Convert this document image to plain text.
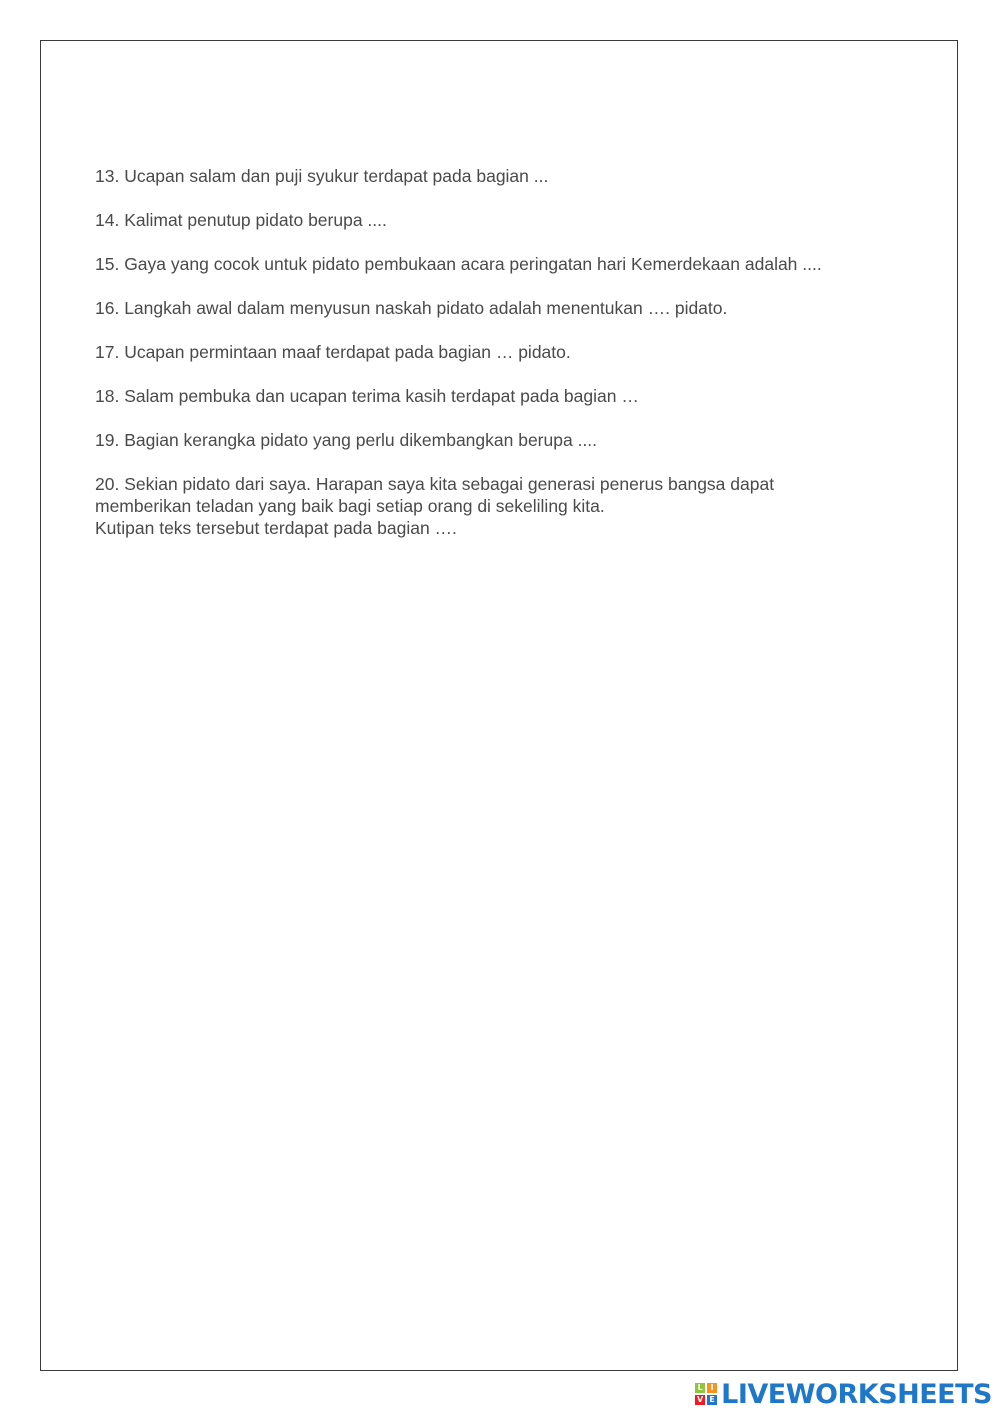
13. Ucapan salam dan puji syukur terdapat pada bagian ...
14. Kalimat penutup pidato berupa ....
15. Gaya yang cocok untuk pidato pembukaan acara peringatan hari Kemerdekaan adalah ....
16. Langkah awal dalam menyusun naskah pidato adalah menentukan …. pidato.
17. Ucapan permintaan maaf terdapat pada bagian … pidato.
18. Salam pembuka dan ucapan terima kasih terdapat pada bagian …
19. Bagian kerangka pidato yang perlu dikembangkan berupa ....
20. Sekian pidato dari saya. Harapan saya kita sebagai generasi penerus bangsa dapat
memberikan teladan yang baik bagi setiap orang di sekeliling kita.
Kutipan teks tersebut terdapat pada bagian ….
L I
V E LIVEWORKSHEETS
